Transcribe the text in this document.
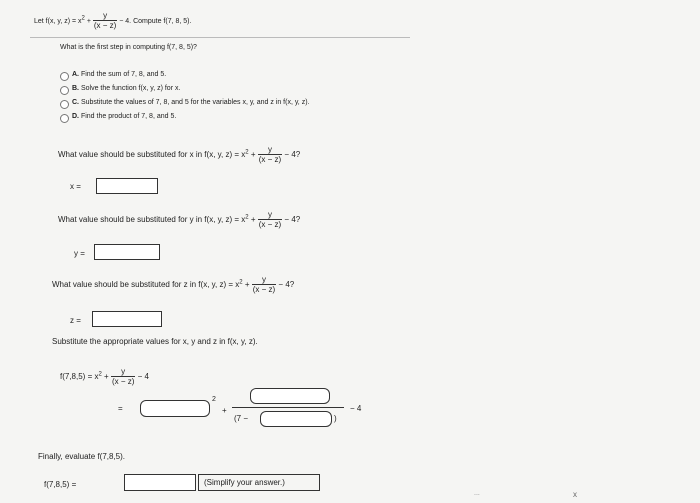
Let f(x, y, $z) = x^2 + \frac{y}{(x - z)} - 4$. Compute f(7, 8, 5).
What is the first step in computing f(7, 8, 5)?
A. Find the sum of 7, 8, and 5.
B. Solve the function f(x, y, z) for x.
C. Substitute the values of 7, 8, and 5 for the variables x, y, and z in f(x, y, z).
D. Find the product of 7, 8, and 5.
What value should be substituted for x in f(x, y, $z) = x^2 + \frac{y}{(x - z)} - 4$?
x =
What value should be substituted for y in f(x, y, $z) = x^2 + \frac{y}{(x - z)} - 4$?
y =
What value should be substituted for z in f(x, y, $z) = x^2 + \frac{y}{(x - z)} - 4$?
z =
Substitute the appropriate values for x, y and z in f(x, y, z).
$f(7,8,5) = x^2 + \frac{y}{(x - z)} - 4$
=
2
+
(7 −	)
− 4
Finally, evaluate f(7,8,5).
f(7,8,5) =	(Simplify your answer.)
...	x
